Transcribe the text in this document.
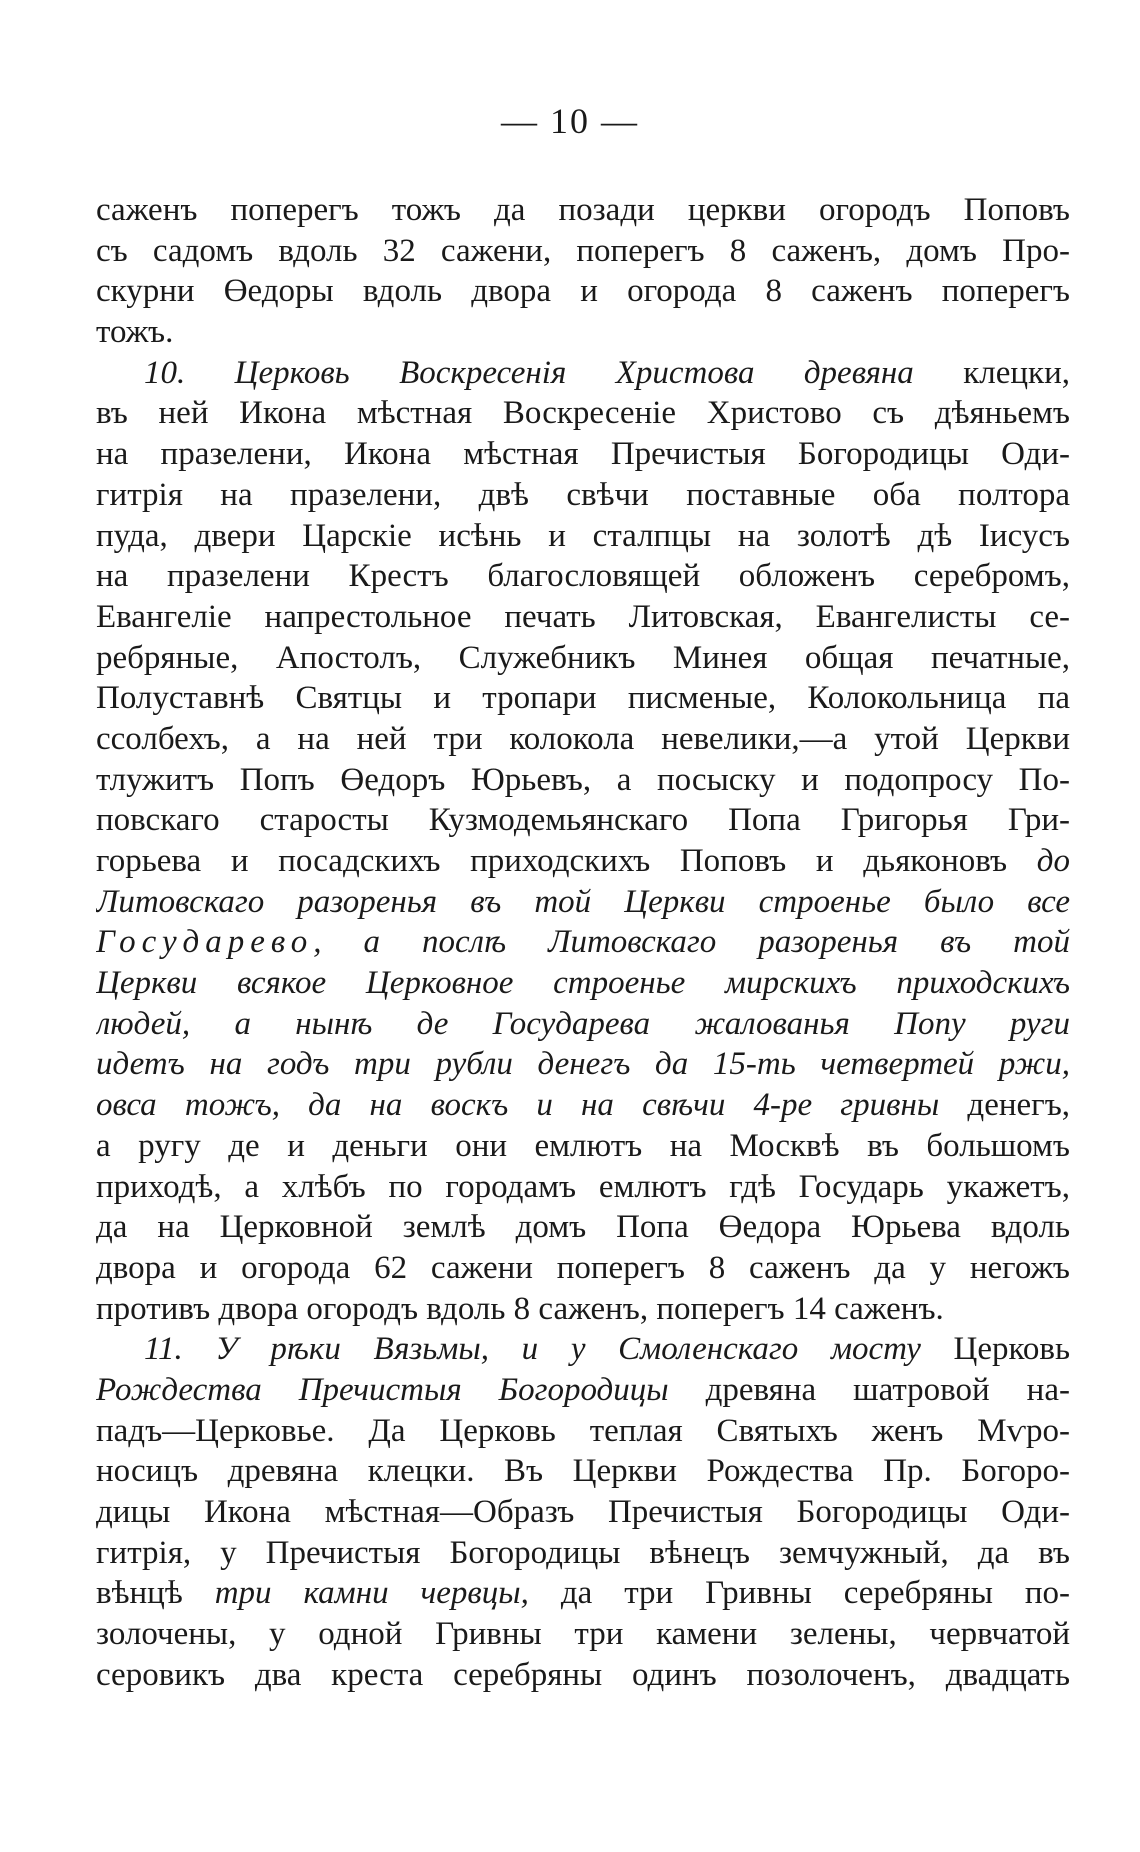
— 10 —
саженъ поперегъ тожъ да позади церкви огородъ Поповъ
съ садомъ вдоль 32 сажени, поперегъ 8 саженъ, домъ Про-
скурни Өедоры вдоль двора и огорода 8 саженъ поперегъ
тожъ.
10. Церковь Воскресенія Христова древяна клецки,
въ ней Икона мѣстная Воскресеніе Христово съ дѣяньемъ
на празелени, Икона мѣстная Пречистыя Богородицы Оди-
гитрія на празелени, двѣ свѣчи поставные оба полтора
пуда, двери Царскіе исѣнь и сталпцы на золотѣ дѣ Іисусъ
на празелени Крестъ благословящей обложенъ серебромъ,
Евангеліе напрестольное печать Литовская, Евангелисты се-
ребряные, Апостолъ, Служебникъ Минея общая печатные,
Полуставнѣ Святцы и тропари писменые, Колокольница па
ссолбехъ, а на ней три колокола невелики,—а утой Церкви
тлужитъ Попъ Өедоръ Юрьевъ, а посыску и подопросу По-
повскаго старосты Кузмодемьянскаго Попа Григорья Гри-
горьева и посадскихъ приходскихъ Поповъ и дьяконовъ до
Литовскаго разоренья въ той Церкви строенье было все
Государево, а послѣ Литовскаго разоренья въ той
Церкви всякое Церковное строенье мирскихъ приходскихъ
людей, а нынѣ де Государева жалованья Попу руги
идетъ на годъ три рубли денегъ да 15-ть четвертей ржи,
овса тожъ, да на воскъ и на свѣчи 4-ре гривны денегъ,
а ругу де и деньги они емлютъ на Москвѣ въ большомъ
приходѣ, а хлѣбъ по городамъ емлютъ гдѣ Государь укажетъ,
да на Церковной землѣ домъ Попа Өедора Юрьева вдоль
двора и огорода 62 сажени поперегъ 8 саженъ да у негожъ
противъ двора огородъ вдоль 8 саженъ, поперегъ 14 саженъ.
11. У рѣки Вязьмы, и у Смоленскаго мосту Церковь
Рождества Пречистыя Богородицы древяна шатровой на-
падъ—Церковье. Да Церковь теплая Святыхъ женъ Мѵро-
носицъ древяна клецки. Въ Церкви Рождества Пр. Богоро-
дицы Икона мѣстная—Образъ Пречистыя Богородицы Оди-
гитрія, у Пречистыя Богородицы вѣнецъ земчужный, да въ
вѣнцѣ три камни червцы, да три Гривны серебряны по-
золочены, у одной Гривны три камени зелены, червчатой
серовикъ два креста серебряны одинъ позолоченъ, двадцать
